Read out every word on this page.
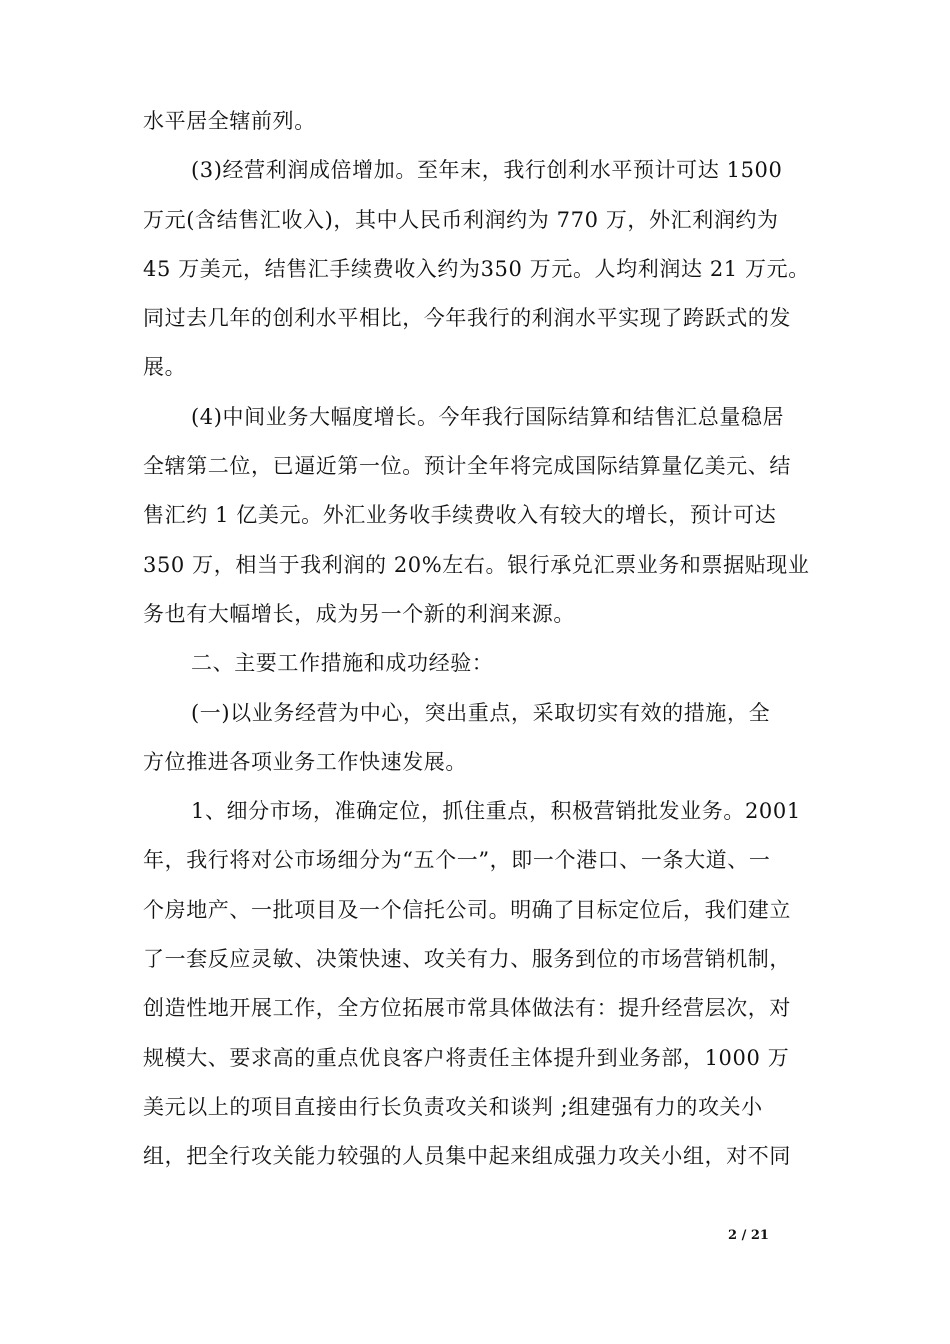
水平居全辖前列。
(3)经营利润成倍增加。至年末，我行创利水平预计可达 1500
万元(含结售汇收入)，其中人民币利润约为 770 万，外汇利润约为
45 万美元，结售汇手续费收入约为350 万元。人均利润达 21 万元。
同过去几年的创利水平相比，今年我行的利润水平实现了跨跃式的发
展。
(4)中间业务大幅度增长。今年我行国际结算和结售汇总量稳居
全辖第二位，已逼近第一位。预计全年将完成国际结算量亿美元、结
售汇约 1 亿美元。外汇业务收手续费收入有较大的增长，预计可达
350 万，相当于我利润的 20%左右。银行承兑汇票业务和票据贴现业
务也有大幅增长，成为另一个新的利润来源。
二、主要工作措施和成功经验：
(一)以业务经营为中心，突出重点，采取切实有效的措施，全
方位推进各项业务工作快速发展。
1、细分市场，准确定位，抓住重点，积极营销批发业务。2001
年，我行将对公市场细分为“五个一”，即一个港口、一条大道、一
个房地产、一批项目及一个信托公司。明确了目标定位后，我们建立
了一套反应灵敏、决策快速、攻关有力、服务到位的市场营销机制，
创造性地开展工作，全方位拓展市常具体做法有：提升经营层次，对
规模大、要求高的重点优良客户将责任主体提升到业务部，1000 万
美元以上的项目直接由行长负责攻关和谈判 ;组建强有力的攻关小
组，把全行攻关能力较强的人员集中起来组成强力攻关小组，对不同
2 / 21
